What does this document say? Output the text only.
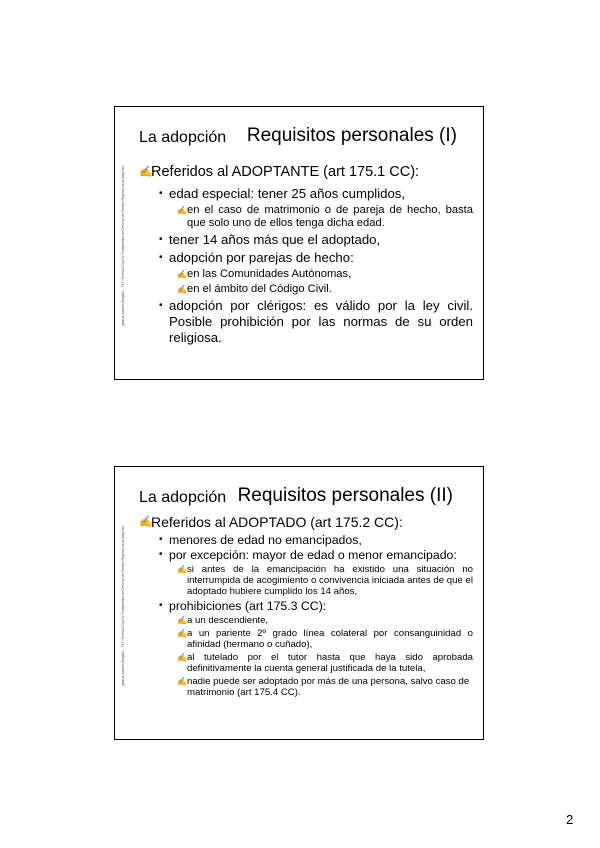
Ignacio Sancho Gargallo – TSJ / Derecho Civil, IV Fundamentos de Derecho de Familia: Régimen de la Adopción
La adopción Requisitos personales (I)
✍
Referidos al ADOPTANTE (art 175.1 CC):
• edad especial: tener 25 años cumplidos,
✍ en el caso de matrimonio o de pareja de hecho, basta que solo uno de ellos tenga dicha edad.
• tener 14 años más que el adoptado,
• adopción por parejas de hecho:
✍ en las Comunidades Autónomas,
✍ en el ámbito del Código Civil.
• adopción por clérigos: es válido por la ley civil. Posible prohibición por las normas de su orden religiosa.
Ignacio Sancho Gargallo – TSJ / Derecho Civil, IV Fundamentos de Derecho de Familia: Régimen de la Adopción
La adopción Requisitos personales (II)
✍
Referidos al ADOPTADO (art 175.2 CC):
• menores de edad no emancipados,
• por excepción: mayor de edad o menor emancipado:
✍ si antes de la emancipación ha existido una situación no interrumpida de acogimiento o convivencia iniciada antes de que el adoptado hubiere cumplido los 14 años,
• prohibiciones (art 175.3 CC):
✍ a un descendiente,
✍ a un pariente 2º grado línea colateral por consanguinidad o afinidad (hermano o cuñado),
✍ al tutelado por el tutor hasta que haya sido aprobada definitivamente la cuenta general justificada de la tutela,
✍ nadie puede ser adoptado por más de una persona, salvo caso de matrimonio (art 175.4 CC).
2
